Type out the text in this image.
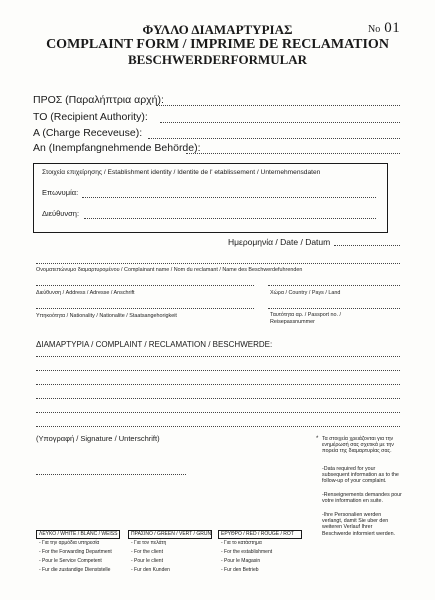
No 01
ΦΥΛΛΟ ΔΙΑΜΑΡΤΥΡΙΑΣ
COMPLAINT FORM / IMPRIME DE RECLAMATION
BESCHWERDERFORMULAR
ΠΡΟΣ (Παραλήπτρια αρχή):
TO (Recipient Authority):
A (Charge Receveuse):
An (Inempfangnehmende Behörde):
Στοιχεία επιχείρησης / Establishment identity / Identite de l' etablissement / Unternehmensdaten
Επωνυμία:
Διεύθυνση:
Ημερομηνία / Date / Datum
Ονοματεπώνυμο διαμαρτυρομένου / Complainant name / Nom du reclamant / Name des Beschwerdefuhrenden
Διεύθυνση / Address / Adresse / Anschrift	Χώρα / Country / Pays / Land
Υπηκοότητα / Nationality / Nationalite / Staatsangehorigkeit	Ταυτότητα αρ. / Passport no. /
Reisepassnummer
ΔΙΑΜΑΡΤΥΡΙΑ / COMPLAINT / RECLAMATION / BESCHWERDE:
(Υπογραφή / Signature / Unterschrift)	* Τα στοιχεία χρειάζονται για την ενημέρωσή σας σχετικά με την πορεία της διαμαρτυρίας σας.
-Data required for your subsequent information as to the follow-up of your complaint.
-Renseignements demandes pour votre information en suite.
-Ihre Personalien werden verlangt, damit Sie uber den weiteren Verlauf Ihrer Beschwerde informiert werden.
ΛΕΥΚΟ / WHITE / BLANC / WEISS
- Για την αρμόδια υπηρεσία
- For the Forwarding Department
- Pour le Service Competent
- Fur die zustandige Dienststelle
ΠΡΑΣΙΝΟ / GREEN / VERT / GRUN
- Για τον πελάτη
- For the client
- Pour le client
- Fur den Kunden
ΕΡΥΘΡΟ / RED / ROUGE / ROT
- Για το κατάστημα
- For the establishment
- Pour le Magasin
- Fur den Betrieb
